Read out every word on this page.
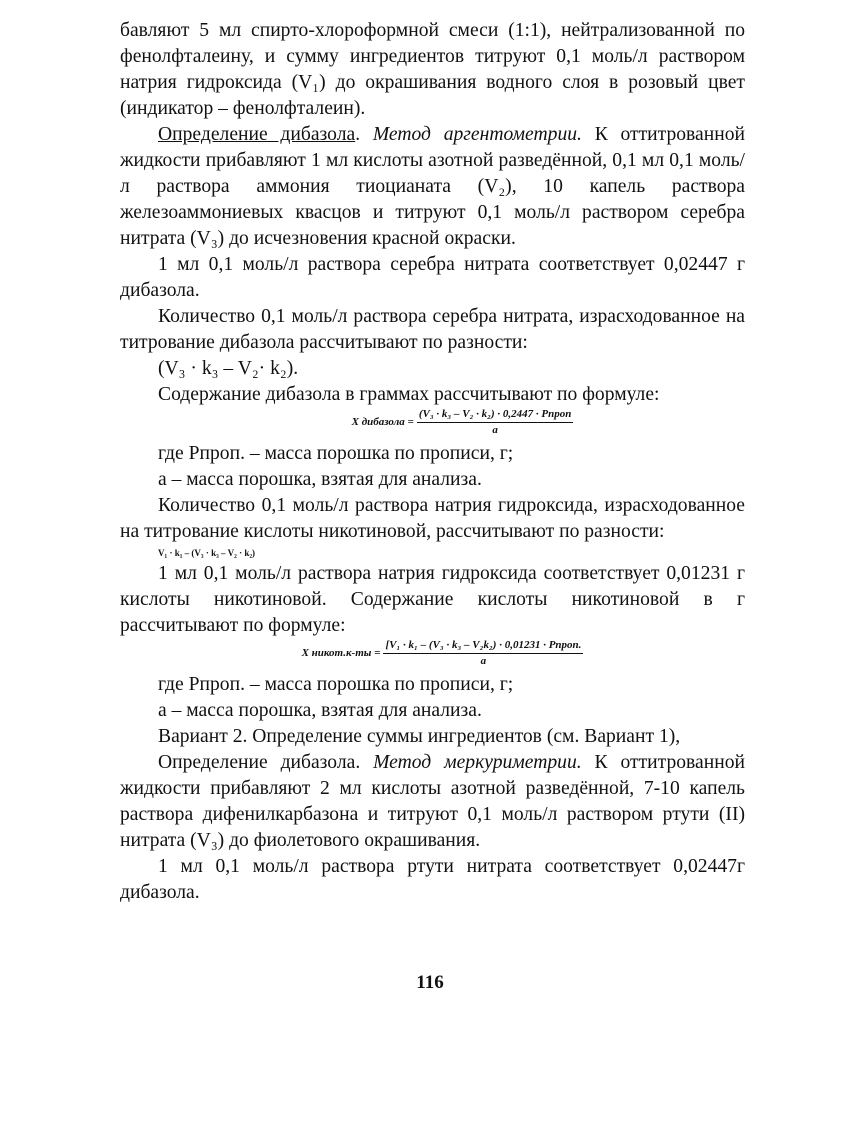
бавляют 5 мл спирто-хлороформной смеси (1:1), нейтрализованной по фенолфталеину, и сумму ингредиентов титруют 0,1 моль/л раствором натрия гидроксида (V₁) до окрашивания водного слоя в розовый цвет (индикатор – фенолфталеин).

Определение дибазола. Метод аргентометрии. К оттитрованной жидкости прибавляют 1 мл кислоты азотной разведённой, 0,1 мл 0,1 моль/л раствора аммония тиоцианата (V₂), 10 капель раствора железоаммониевых квасцов и титруют 0,1 моль/л раствором серебра нитрата (V₃) до исчезновения красной окраски.

1 мл 0,1 моль/л раствора серебра нитрата соответствует 0,02447 г дибазола.

Количество 0,1 моль/л раствора серебра нитрата, израсходованное на титрование дибазола рассчитывают по разности:

(V₃ · k₃ – V₂· k₂).

Содержание дибазола в граммах рассчитывают по формуле:

X дибазола = $\frac{\text{(V₃ · k₃ – V₂ · k₂) · 0,2447 · Pпроп}}{a}$

где Pпроп. – масса порошка по прописи, г;

а – масса порошка, взятая для анализа.

Количество 0,1 моль/л раствора натрия гидроксида, израсходованное на титрование кислоты никотиновой, рассчитывают по разности:

V₁ · k₁ – (V₃ · k₃ – V₂ · k₂)

1 мл 0,1 моль/л раствора натрия гидроксида соответствует 0,01231 г кислоты никотиновой. Содержание кислоты никотиновой в г рассчитывают по формуле:

X никот.к-ты = $\frac{\text{[V₁ · k₁ – (V₃ · k₃ – V₂k₂) · 0,01231 · Pпроп.}}{a}$

где Pпроп. – масса порошка по прописи, г;

а – масса порошка, взятая для анализа.

Вариант 2. Определение суммы ингредиентов (см. Вариант 1),

Определение дибазола. Метод меркуриметрии. К оттитрованной жидкости прибавляют 2 мл кислоты азотной разведённой, 7-10 капель раствора дифенилкарбазона и титруют 0,1 моль/л раствором ртути (II) нитрата (V₃) до фиолетового окрашивания.

1 мл 0,1 моль/л раствора ртути нитрата соответствует 0,02447г дибазола.

116
